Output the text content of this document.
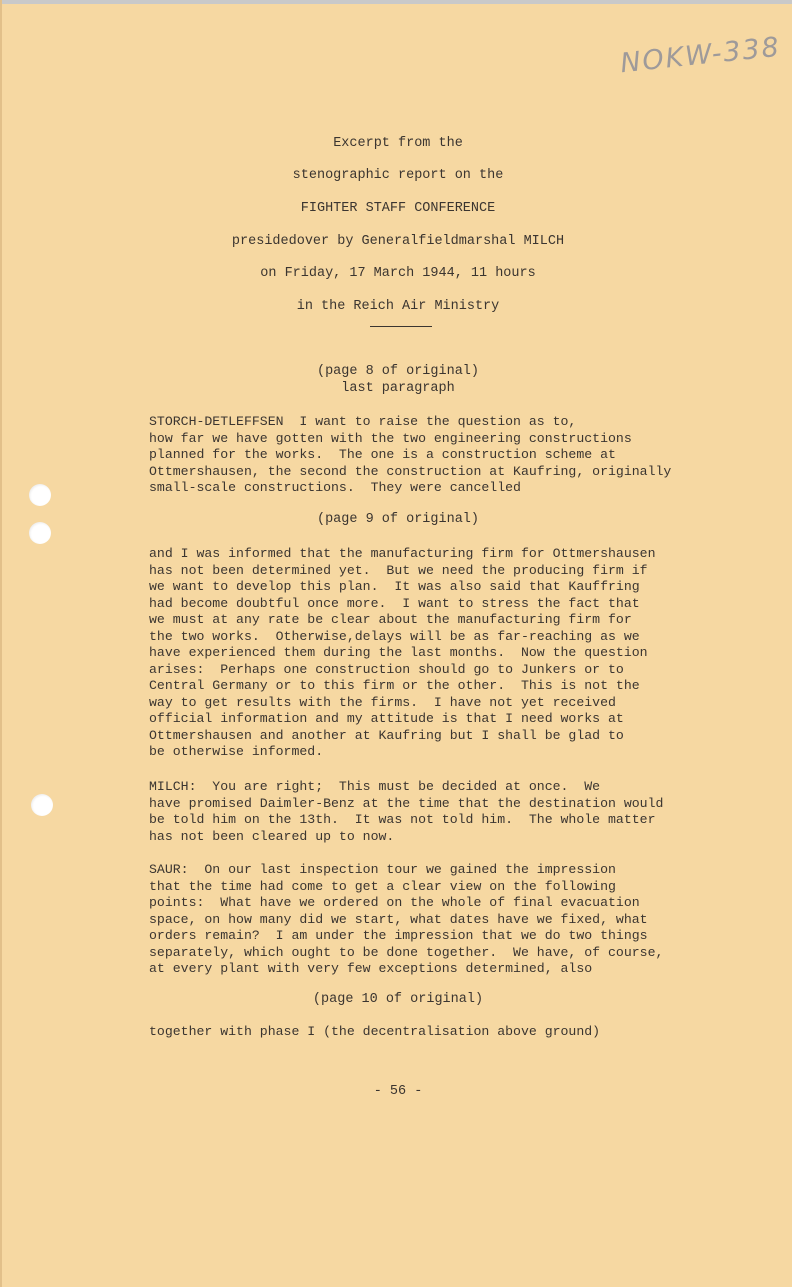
NOKW-338
Excerpt from the
stenographic report on the
FIGHTER STAFF CONFERENCE
presidedover by Generalfieldmarshal MILCH
on Friday, 17 March 1944, 11 hours
in the Reich Air Ministry
(page 8 of original)
last paragraph
STORCH-DETLEFFSEN  I want to raise the question as to,
how far we have gotten with the two engineering constructions
planned for the works.  The one is a construction scheme at
Ottmershausen, the second the construction at Kaufring, originally
small-scale constructions.  They were cancelled
(page 9 of original)
and I was informed that the manufacturing firm for Ottmershausen
has not been determined yet.  But we need the producing firm if
we want to develop this plan.  It was also said that Kauffring
had become doubtful once more.  I want to stress the fact that
we must at any rate be clear about the manufacturing firm for
the two works.  Otherwise,delays will be as far-reaching as we
have experienced them during the last months.  Now the question
arises:  Perhaps one construction should go to Junkers or to
Central Germany or to this firm or the other.  This is not the
way to get results with the firms.  I have not yet received
official information and my attitude is that I need works at
Ottmershausen and another at Kaufring but I shall be glad to
be otherwise informed.
MILCH:  You are right;  This must be decided at once.  We
have promised Daimler-Benz at the time that the destination would
be told him on the 13th.  It was not told him.  The whole matter
has not been cleared up to now.
SAUR:  On our last inspection tour we gained the impression
that the time had come to get a clear view on the following
points:  What have we ordered on the whole of final evacuation
space, on how many did we start, what dates have we fixed, what
orders remain?  I am under the impression that we do two things
separately, which ought to be done together.  We have, of course,
at every plant with very few exceptions determined, also
(page 10 of original)
together with phase I (the decentralisation above ground)
- 56 -
